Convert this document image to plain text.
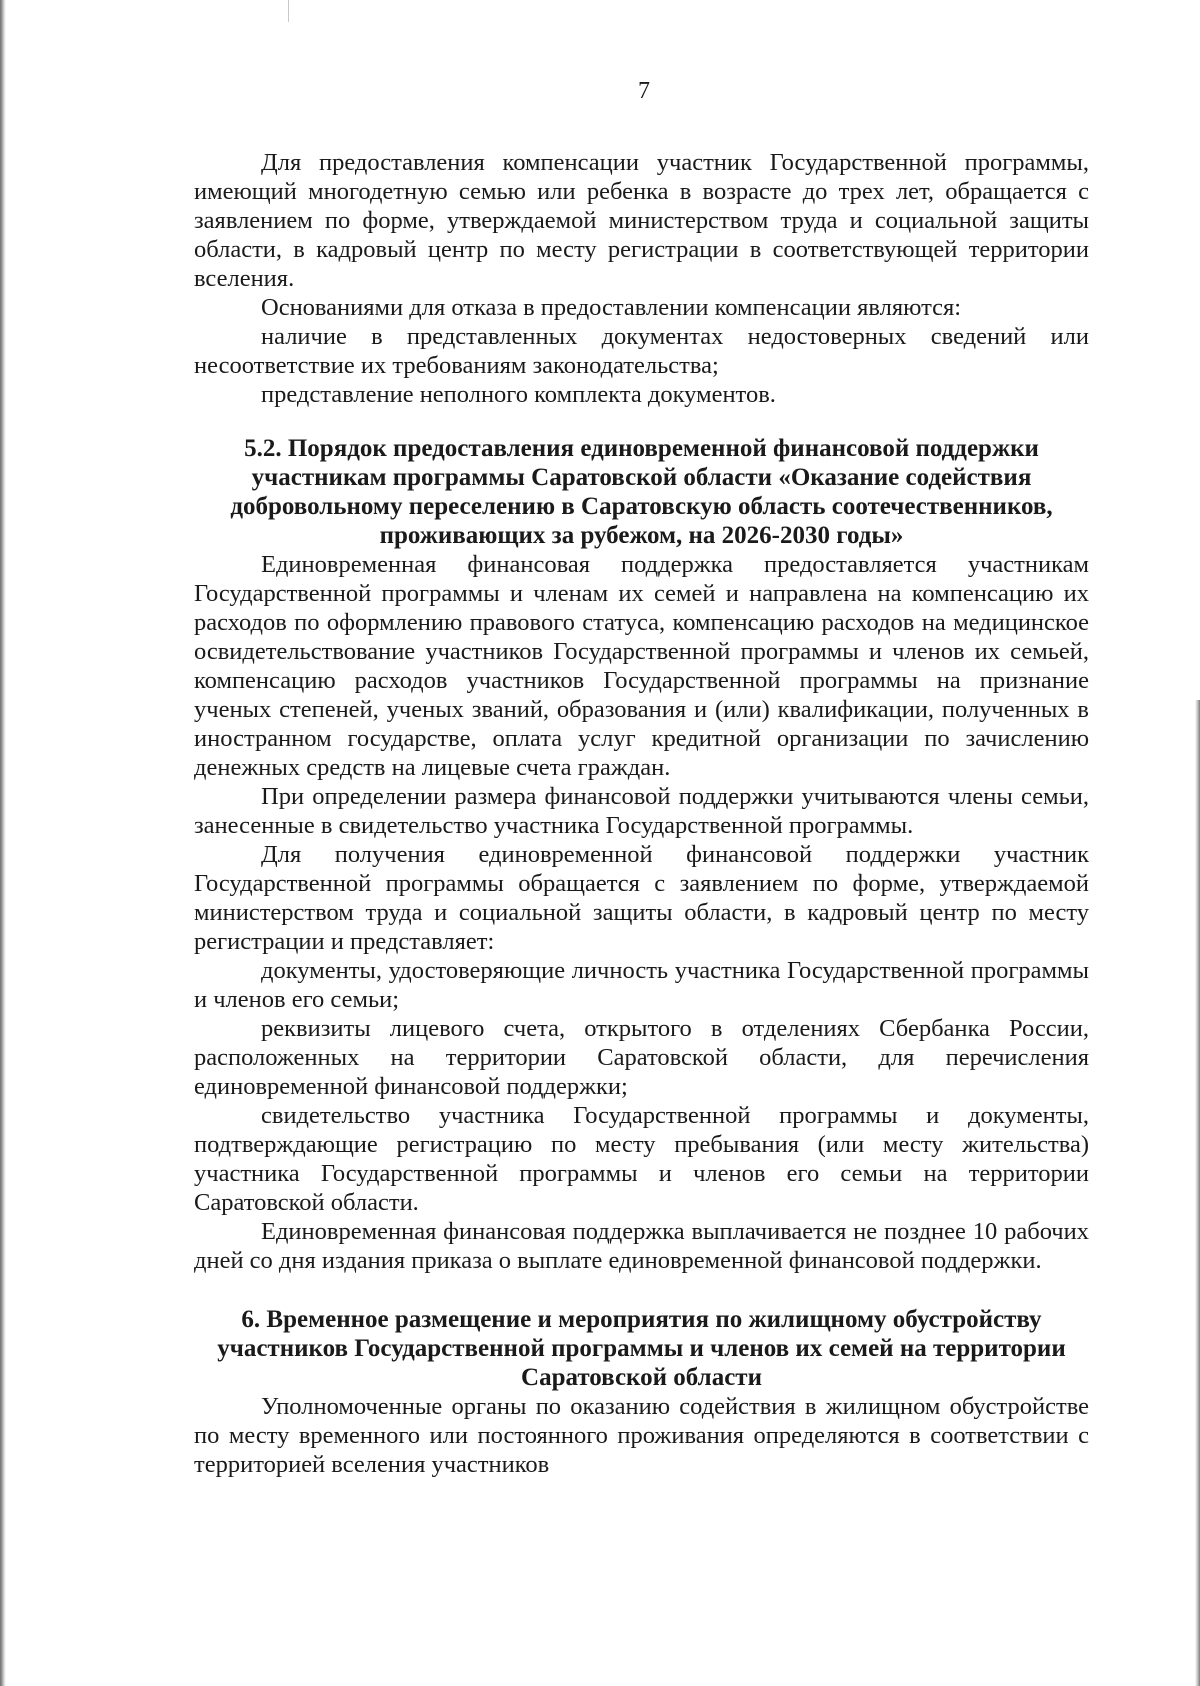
7

Для предоставления компенсации участник Государственной программы, имеющий многодетную семью или ребенка в возрасте до трех лет, обращается с заявлением по форме, утверждаемой министерством труда и социальной защиты области, в кадровый центр по месту регистрации в соответствующей территории вселения.

Основаниями для отказа в предоставлении компенсации являются:

наличие в представленных документах недостоверных сведений или несоответствие их требованиям законодательства;

представление неполного комплекта документов.

5.2. Порядок предоставления единовременной финансовой поддержки участникам программы Саратовской области «Оказание содействия добровольному переселению в Саратовскую область соотечественников, проживающих за рубежом, на 2026-2030 годы»

Единовременная финансовая поддержка предоставляется участникам Государственной программы и членам их семей и направлена на компенсацию их расходов по оформлению правового статуса, компенсацию расходов на медицинское освидетельствование участников Государственной программы и членов их семьей, компенсацию расходов участников Государственной программы на признание ученых степеней, ученых званий, образования и (или) квалификации, полученных в иностранном государстве, оплата услуг кредитной организации по зачислению денежных средств на лицевые счета граждан.

При определении размера финансовой поддержки учитываются члены семьи, занесенные в свидетельство участника Государственной программы.

Для получения единовременной финансовой поддержки участник Государственной программы обращается с заявлением по форме, утверждаемой министерством труда и социальной защиты области, в кадровый центр по месту регистрации и представляет:

документы, удостоверяющие личность участника Государственной программы и членов его семьи;

реквизиты лицевого счета, открытого в отделениях Сбербанка России, расположенных на территории Саратовской области, для перечисления единовременной финансовой поддержки;

свидетельство участника Государственной программы и документы, подтверждающие регистрацию по месту пребывания (или месту жительства) участника Государственной программы и членов его семьи на территории Саратовской области.

Единовременная финансовая поддержка выплачивается не позднее 10 рабочих дней со дня издания приказа о выплате единовременной финансовой поддержки.

6. Временное размещение и мероприятия по жилищному обустройству участников Государственной программы и членов их семей на территории Саратовской области

Уполномоченные органы по оказанию содействия в жилищном обустройстве по месту временного или постоянного проживания определяются в соответствии с территорией вселения участников
